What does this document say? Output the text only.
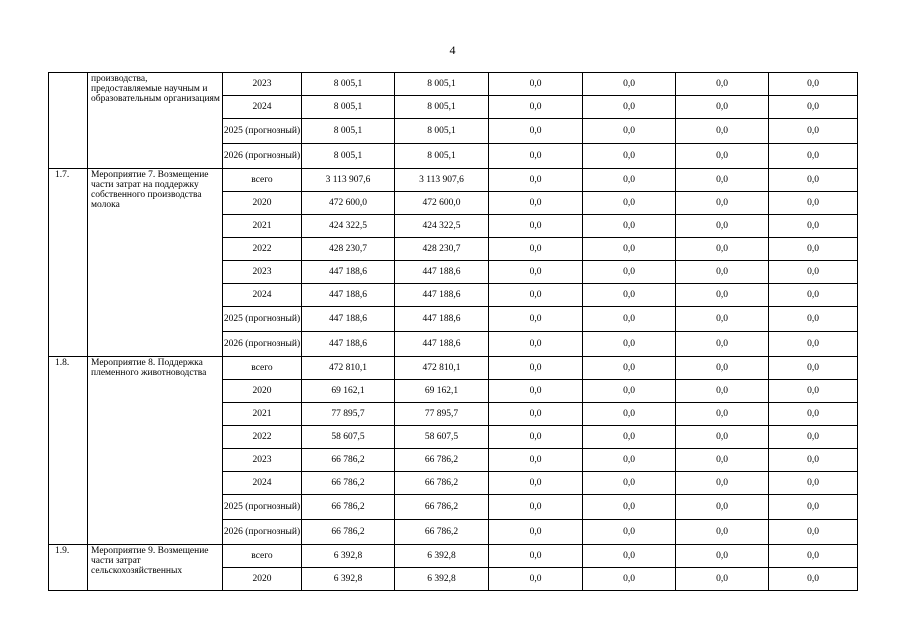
4
	производства, предоставляемые научным и образовательным организациям	2023	8 005,1	8 005,1	0,0	0,0	0,0	0,0
		2024	8 005,1	8 005,1	0,0	0,0	0,0	0,0
		2025 (прогнозный)	8 005,1	8 005,1	0,0	0,0	0,0	0,0
		2026 (прогнозный)	8 005,1	8 005,1	0,0	0,0	0,0	0,0
1.7.	Мероприятие 7. Возмещение части затрат на поддержку собственного производства молока	всего	3 113 907,6	3 113 907,6	0,0	0,0	0,0	0,0
		2020	472 600,0	472 600,0	0,0	0,0	0,0	0,0
		2021	424 322,5	424 322,5	0,0	0,0	0,0	0,0
		2022	428 230,7	428 230,7	0,0	0,0	0,0	0,0
		2023	447 188,6	447 188,6	0,0	0,0	0,0	0,0
		2024	447 188,6	447 188,6	0,0	0,0	0,0	0,0
		2025 (прогнозный)	447 188,6	447 188,6	0,0	0,0	0,0	0,0
		2026 (прогнозный)	447 188,6	447 188,6	0,0	0,0	0,0	0,0
1.8.	Мероприятие 8. Поддержка племенного животноводства	всего	472 810,1	472 810,1	0,0	0,0	0,0	0,0
		2020	69 162,1	69 162,1	0,0	0,0	0,0	0,0
		2021	77 895,7	77 895,7	0,0	0,0	0,0	0,0
		2022	58 607,5	58 607,5	0,0	0,0	0,0	0,0
		2023	66 786,2	66 786,2	0,0	0,0	0,0	0,0
		2024	66 786,2	66 786,2	0,0	0,0	0,0	0,0
		2025 (прогнозный)	66 786,2	66 786,2	0,0	0,0	0,0	0,0
		2026 (прогнозный)	66 786,2	66 786,2	0,0	0,0	0,0	0,0
1.9.	Мероприятие 9. Возмещение части затрат сельскохозяйственных	всего	6 392,8	6 392,8	0,0	0,0	0,0	0,0
		2020	6 392,8	6 392,8	0,0	0,0	0,0	0,0
